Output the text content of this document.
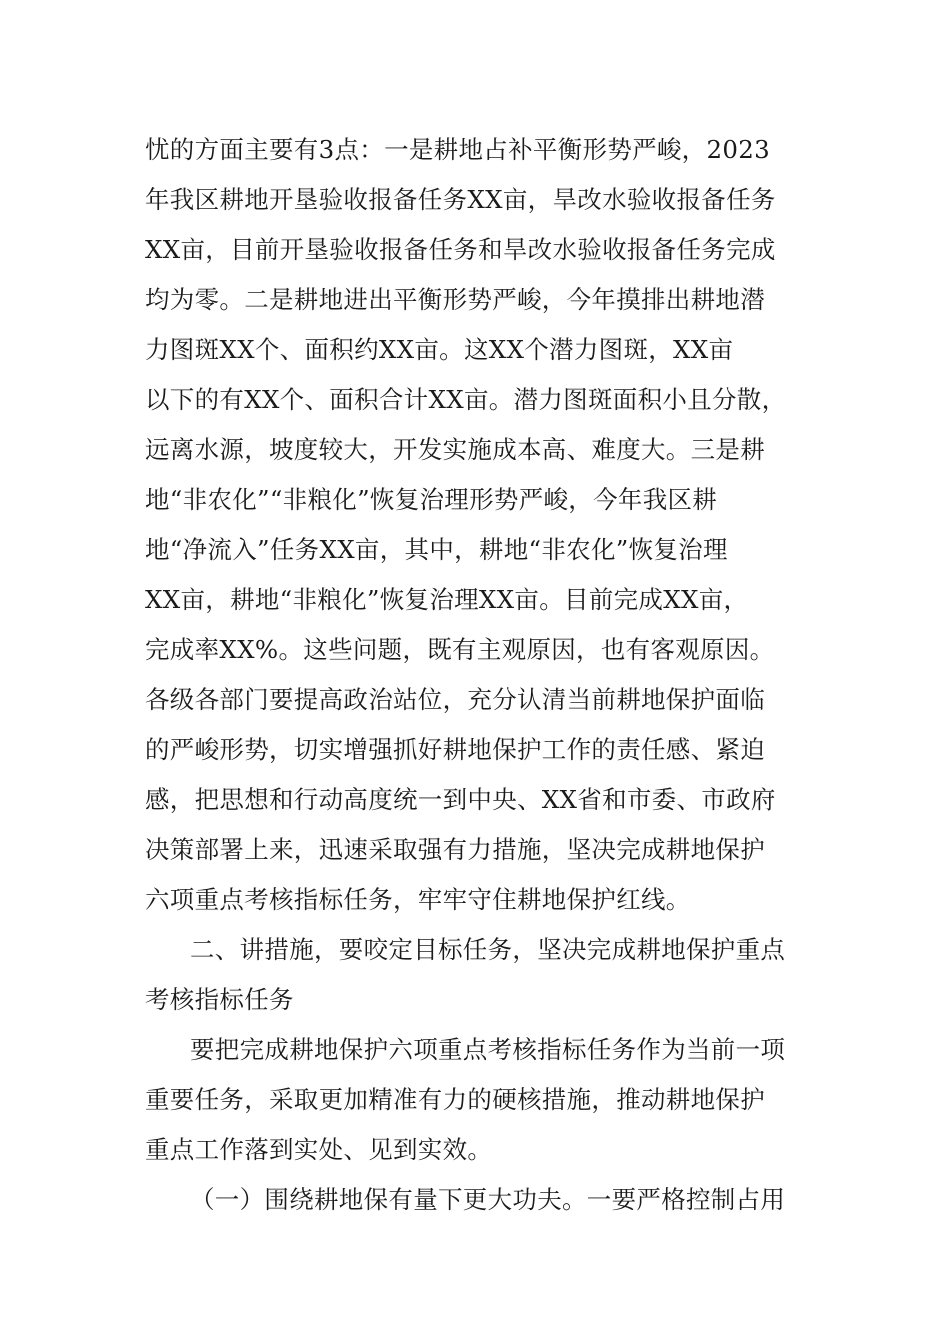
忧的方面主要有3点：一是耕地占补平衡形势严峻，2023
年我区耕地开垦验收报备任务XX亩，旱改水验收报备任务
XX亩，目前开垦验收报备任务和旱改水验收报备任务完成
均为零。二是耕地进出平衡形势严峻，今年摸排出耕地潜
力图斑XX个、面积约XX亩。这XX个潜力图斑，XX亩
以下的有XX个、面积合计XX亩。潜力图斑面积小且分散，
远离水源，坡度较大，开发实施成本高、难度大。三是耕
地“非农化”“非粮化”恢复治理形势严峻，今年我区耕
地“净流入”任务XX亩，其中，耕地“非农化”恢复治理
XX亩，耕地“非粮化”恢复治理XX亩。目前完成XX亩，
完成率XX%。这些问题，既有主观原因，也有客观原因。
各级各部门要提高政治站位，充分认清当前耕地保护面临
的严峻形势，切实增强抓好耕地保护工作的责任感、紧迫
感，把思想和行动高度统一到中央、XX省和市委、市政府
决策部署上来，迅速采取强有力措施，坚决完成耕地保护
六项重点考核指标任务，牢牢守住耕地保护红线。
二、讲措施，要咬定目标任务，坚决完成耕地保护重点
考核指标任务
要把完成耕地保护六项重点考核指标任务作为当前一项
重要任务，采取更加精准有力的硬核措施，推动耕地保护
重点工作落到实处、见到实效。
（一）围绕耕地保有量下更大功夫。一要严格控制占用
